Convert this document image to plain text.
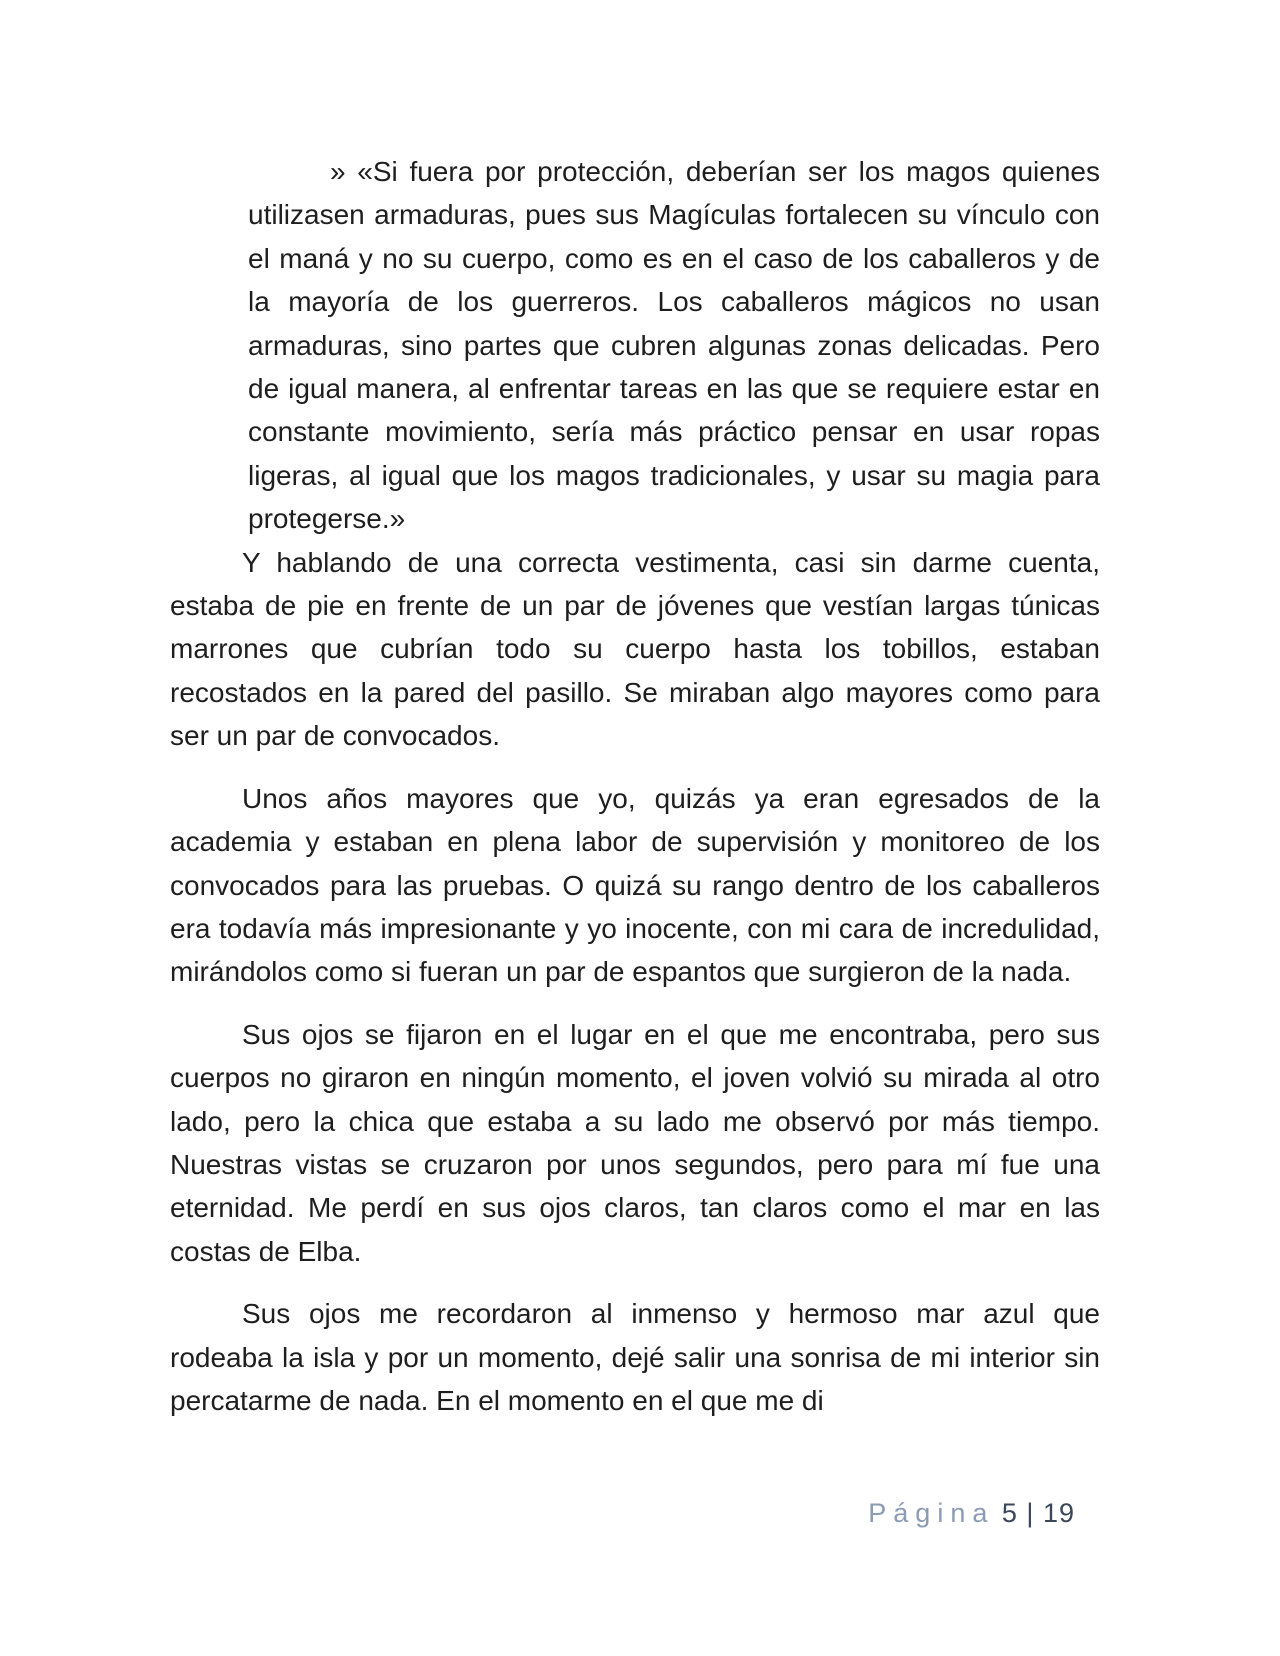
» «Si fuera por protección, deberían ser los magos quienes utilizasen armaduras, pues sus Magículas fortalecen su vínculo con el maná y no su cuerpo, como es en el caso de los caballeros y de la mayoría de los guerreros. Los caballeros mágicos no usan armaduras, sino partes que cubren algunas zonas delicadas. Pero de igual manera, al enfrentar tareas en las que se requiere estar en constante movimiento, sería más práctico pensar en usar ropas ligeras, al igual que los magos tradicionales, y usar su magia para protegerse.»

Y hablando de una correcta vestimenta, casi sin darme cuenta, estaba de pie en frente de un par de jóvenes que vestían largas túnicas marrones que cubrían todo su cuerpo hasta los tobillos, estaban recostados en la pared del pasillo. Se miraban algo mayores como para ser un par de convocados.

Unos años mayores que yo, quizás ya eran egresados de la academia y estaban en plena labor de supervisión y monitoreo de los convocados para las pruebas. O quizá su rango dentro de los caballeros era todavía más impresionante y yo inocente, con mi cara de incredulidad, mirándolos como si fueran un par de espantos que surgieron de la nada.

Sus ojos se fijaron en el lugar en el que me encontraba, pero sus cuerpos no giraron en ningún momento, el joven volvió su mirada al otro lado, pero la chica que estaba a su lado me observó por más tiempo. Nuestras vistas se cruzaron por unos segundos, pero para mí fue una eternidad. Me perdí en sus ojos claros, tan claros como el mar en las costas de Elba.

Sus ojos me recordaron al inmenso y hermoso mar azul que rodeaba la isla y por un momento, dejé salir una sonrisa de mi interior sin percatarme de nada. En el momento en el que me di

Página 5 | 19
